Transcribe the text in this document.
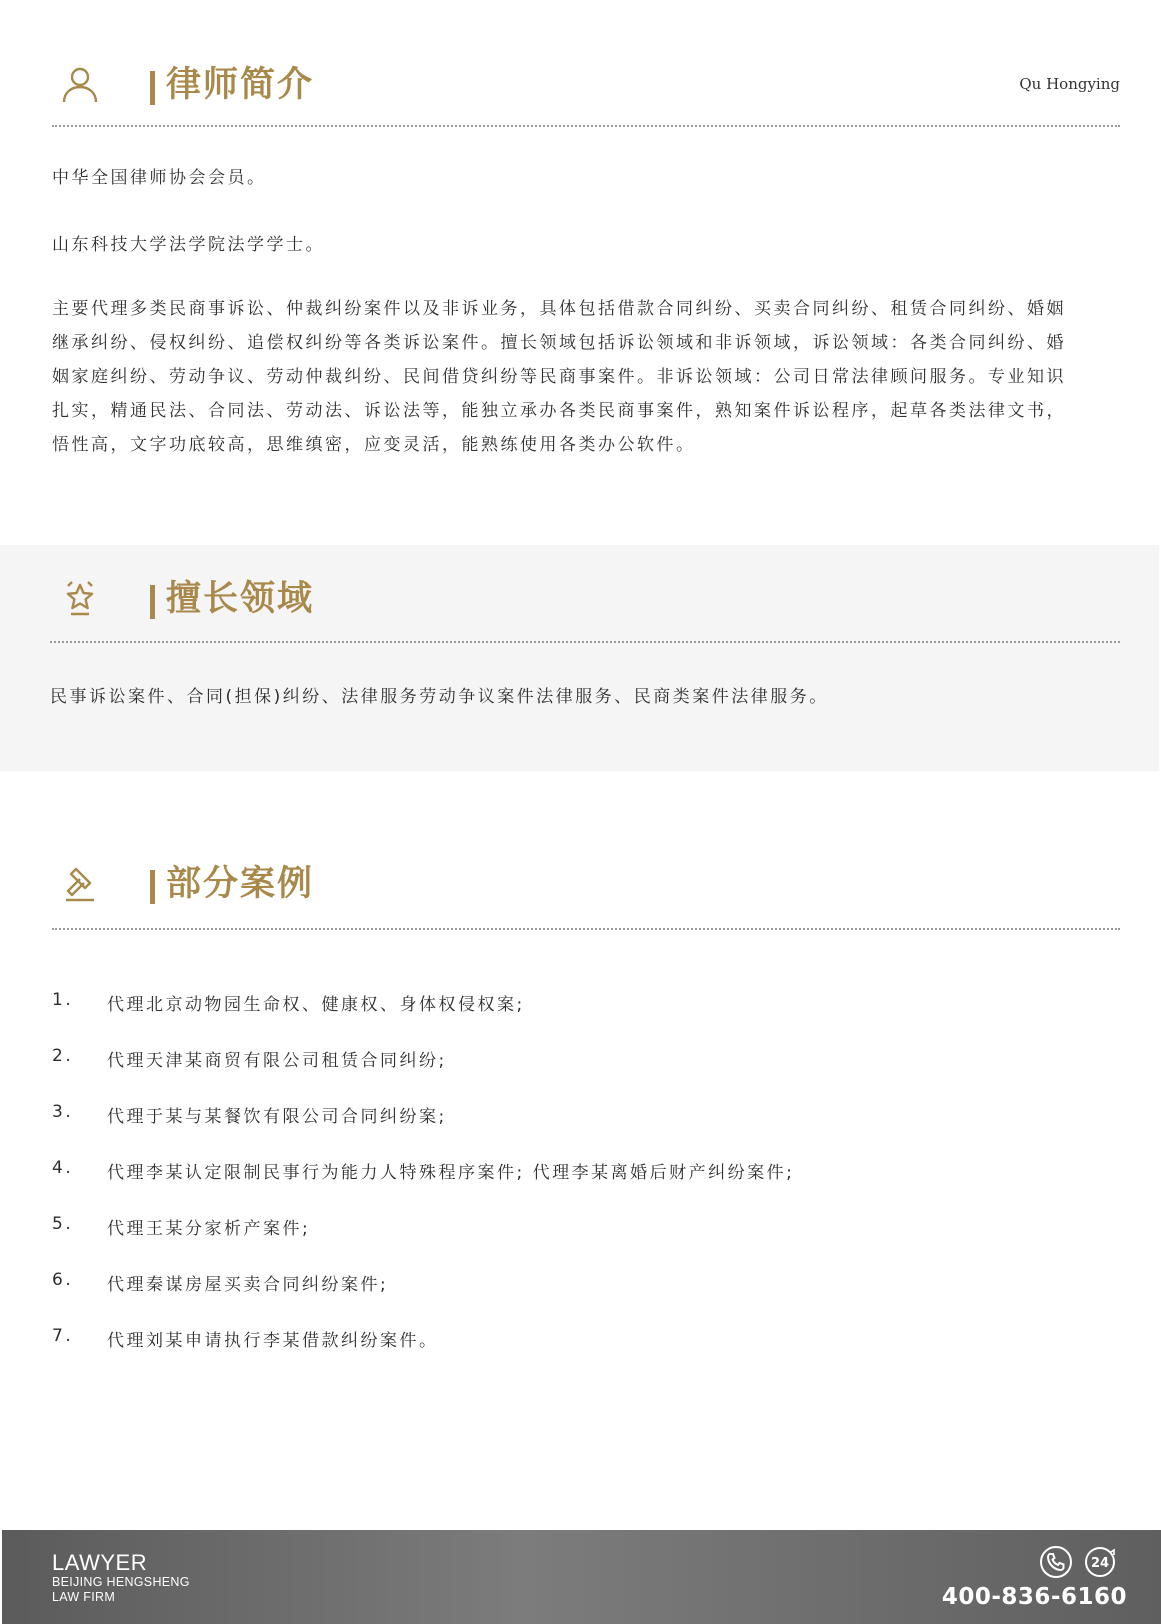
律师简介	Qu Hongying
中华全国律师协会会员。
山东科技大学法学院法学学士。
主要代理多类民商事诉讼、仲裁纠纷案件以及非诉业务，具体包括借款合同纠纷、买卖合同纠纷、租赁合同纠纷、婚姻
继承纠纷、侵权纠纷、追偿权纠纷等各类诉讼案件。擅长领域包括诉讼领域和非诉领域，诉讼领域：各类合同纠纷、婚
姻家庭纠纷、劳动争议、劳动仲裁纠纷、民间借贷纠纷等民商事案件。非诉讼领域：公司日常法律顾问服务。专业知识
扎实，精通民法、合同法、劳动法、诉讼法等，能独立承办各类民商事案件，熟知案件诉讼程序，起草各类法律文书，
悟性高，文字功底较高，思维缜密，应变灵活，能熟练使用各类办公软件。
擅长领域
民事诉讼案件、合同(担保)纠纷、法律服务劳动争议案件法律服务、民商类案件法律服务。
部分案例
1. 代理北京动物园生命权、健康权、身体权侵权案;
2. 代理天津某商贸有限公司租赁合同纠纷;
3. 代理于某与某餐饮有限公司合同纠纷案;
4. 代理李某认定限制民事行为能力人特殊程序案件; 代理李某离婚后财产纠纷案件;
5. 代理王某分家析产案件;
6. 代理秦谋房屋买卖合同纠纷案件;
7. 代理刘某申请执行李某借款纠纷案件。
LAWYER
BEIJING HENGSHENG
LAW FIRM
24
400-836-6160
